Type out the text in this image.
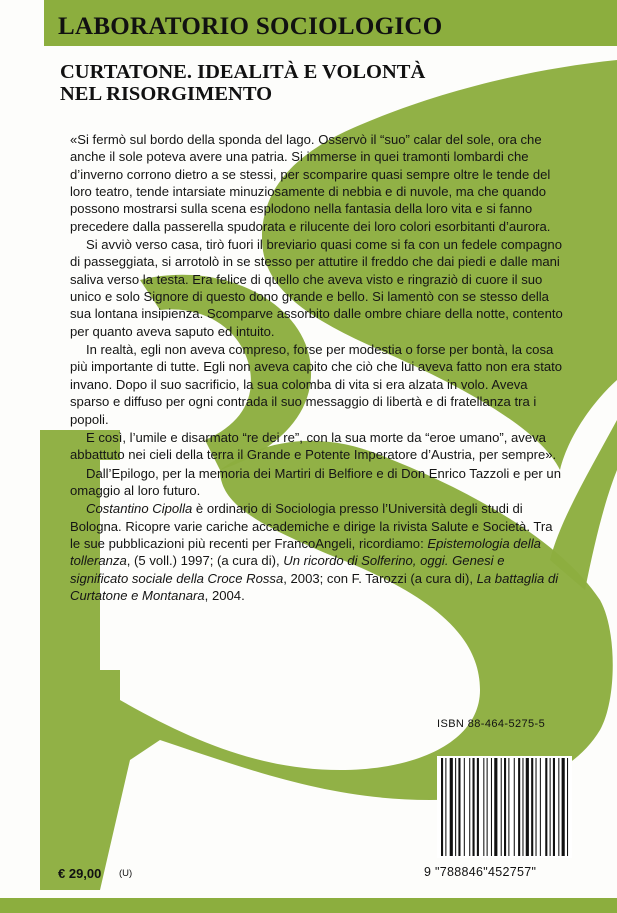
LABORATORIO SOCIOLOGICO
CURTATONE. IDEALITÀ E VOLONTÀ
NEL RISORGIMENTO

«Si fermò sul bordo della sponda del lago. Osservò il “suo” calar del sole, ora che anche il sole poteva avere una patria. Si immerse in quei tramonti lombardi che d’inverno corrono dietro a se stessi, per scomparire quasi sempre oltre le tende del loro teatro, tende intarsiate minuziosamente di nebbia e di nuvole, ma che quando possono mostrarsi sulla scena esplodono nella fantasia della loro vita e si fanno precedere dalla passerella spudorata e rilucente dei loro colori esorbitanti d’aurora.

Si avviò verso casa, tirò fuori il breviario quasi come si fa con un fedele compagno di passeggiata, si arrotolò in se stesso per attutire il freddo che dai piedi e dalle mani saliva verso la testa. Era felice di quello che aveva visto e ringraziò di cuore il suo unico e solo Signore di questo dono grande e bello. Si lamentò con se stesso della sua lontana insipienza. Scomparve assorbito dalle ombre chiare della notte, contento per quanto aveva saputo ed intuito.

In realtà, egli non aveva compreso, forse per modestia o forse per bontà, la cosa più importante di tutte. Egli non aveva capito che ciò che lui aveva fatto non era stato invano. Dopo il suo sacrificio, la sua colomba di vita si era alzata in volo. Aveva sparso e diffuso per ogni contrada il suo messaggio di libertà e di fratellanza tra i popoli.

E così, l’umile e disarmato “re dei re”, con la sua morte da “eroe umano”, aveva abbattuto nei cieli della terra il Grande e Potente Imperatore d’Austria, per sempre».

Dall’Epilogo, per la memoria dei Martiri di Belfiore e di Don Enrico Tazzoli e per un omaggio al loro futuro.

Costantino Cipolla è ordinario di Sociologia presso l’Università degli studi di Bologna. Ricopre varie cariche accademiche e dirige la rivista Salute e Società. Tra le sue pubblicazioni più recenti per FrancoAngeli, ricordiamo: Epistemologia della tolleranza, (5 voll.) 1997; (a cura di), Un ricordo di Solferino, oggi. Genesi e significato sociale della Croce Rossa, 2003; con F. Tarozzi (a cura di), La battaglia di Curtatone e Montanara, 2004.

ISBN 88-464-5275-5
9 "788846"452757"
€ 29,00 (U)
